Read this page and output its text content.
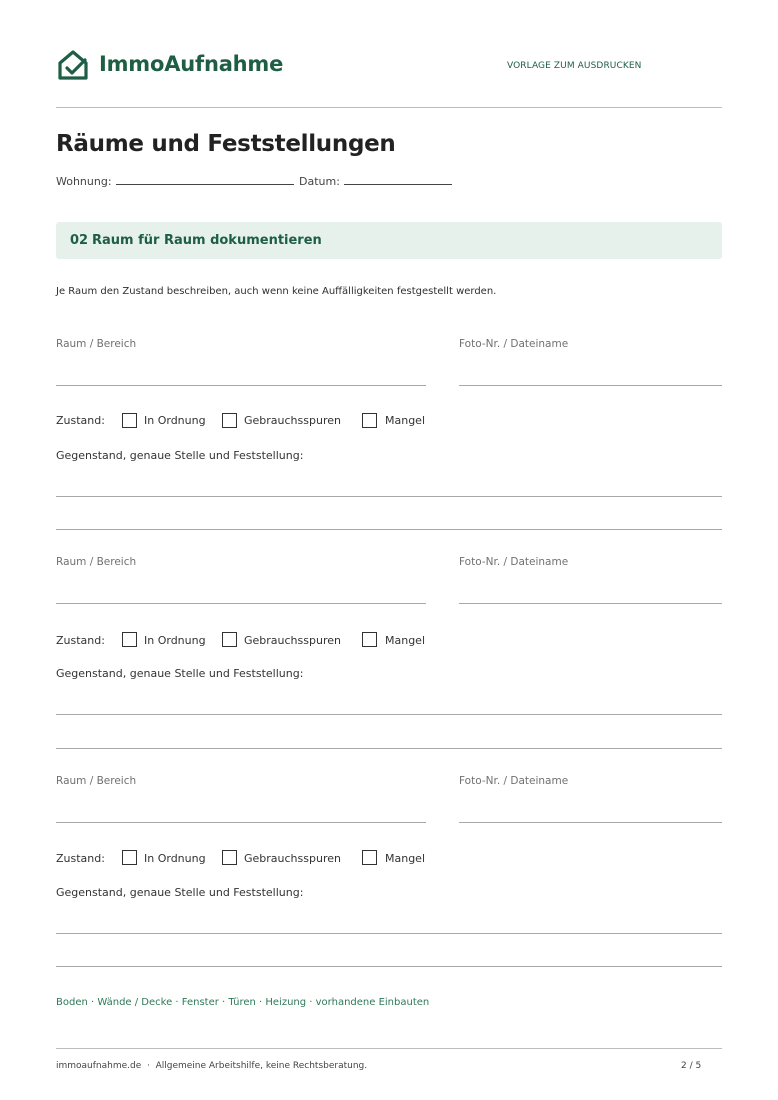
ImmoAufnahme	VORLAGE ZUM AUSDRUCKEN
Räume und Feststellungen
Wohnung:	Datum:
02 Raum für Raum dokumentieren
Je Raum den Zustand beschreiben, auch wenn keine Auffälligkeiten festgestellt werden.
Raum / Bereich	Foto-Nr. / Dateiname
Zustand:	In Ordnung	Gebrauchsspuren	Mangel
Gegenstand, genaue Stelle und Feststellung:
Raum / Bereich	Foto-Nr. / Dateiname
Zustand:	In Ordnung	Gebrauchsspuren	Mangel
Gegenstand, genaue Stelle und Feststellung:
Raum / Bereich	Foto-Nr. / Dateiname
Zustand:	In Ordnung	Gebrauchsspuren	Mangel
Gegenstand, genaue Stelle und Feststellung:
Boden · Wände / Decke · Fenster · Türen · Heizung · vorhandene Einbauten
immoaufnahme.de  ·  Allgemeine Arbeitshilfe, keine Rechtsberatung.	2 / 5
